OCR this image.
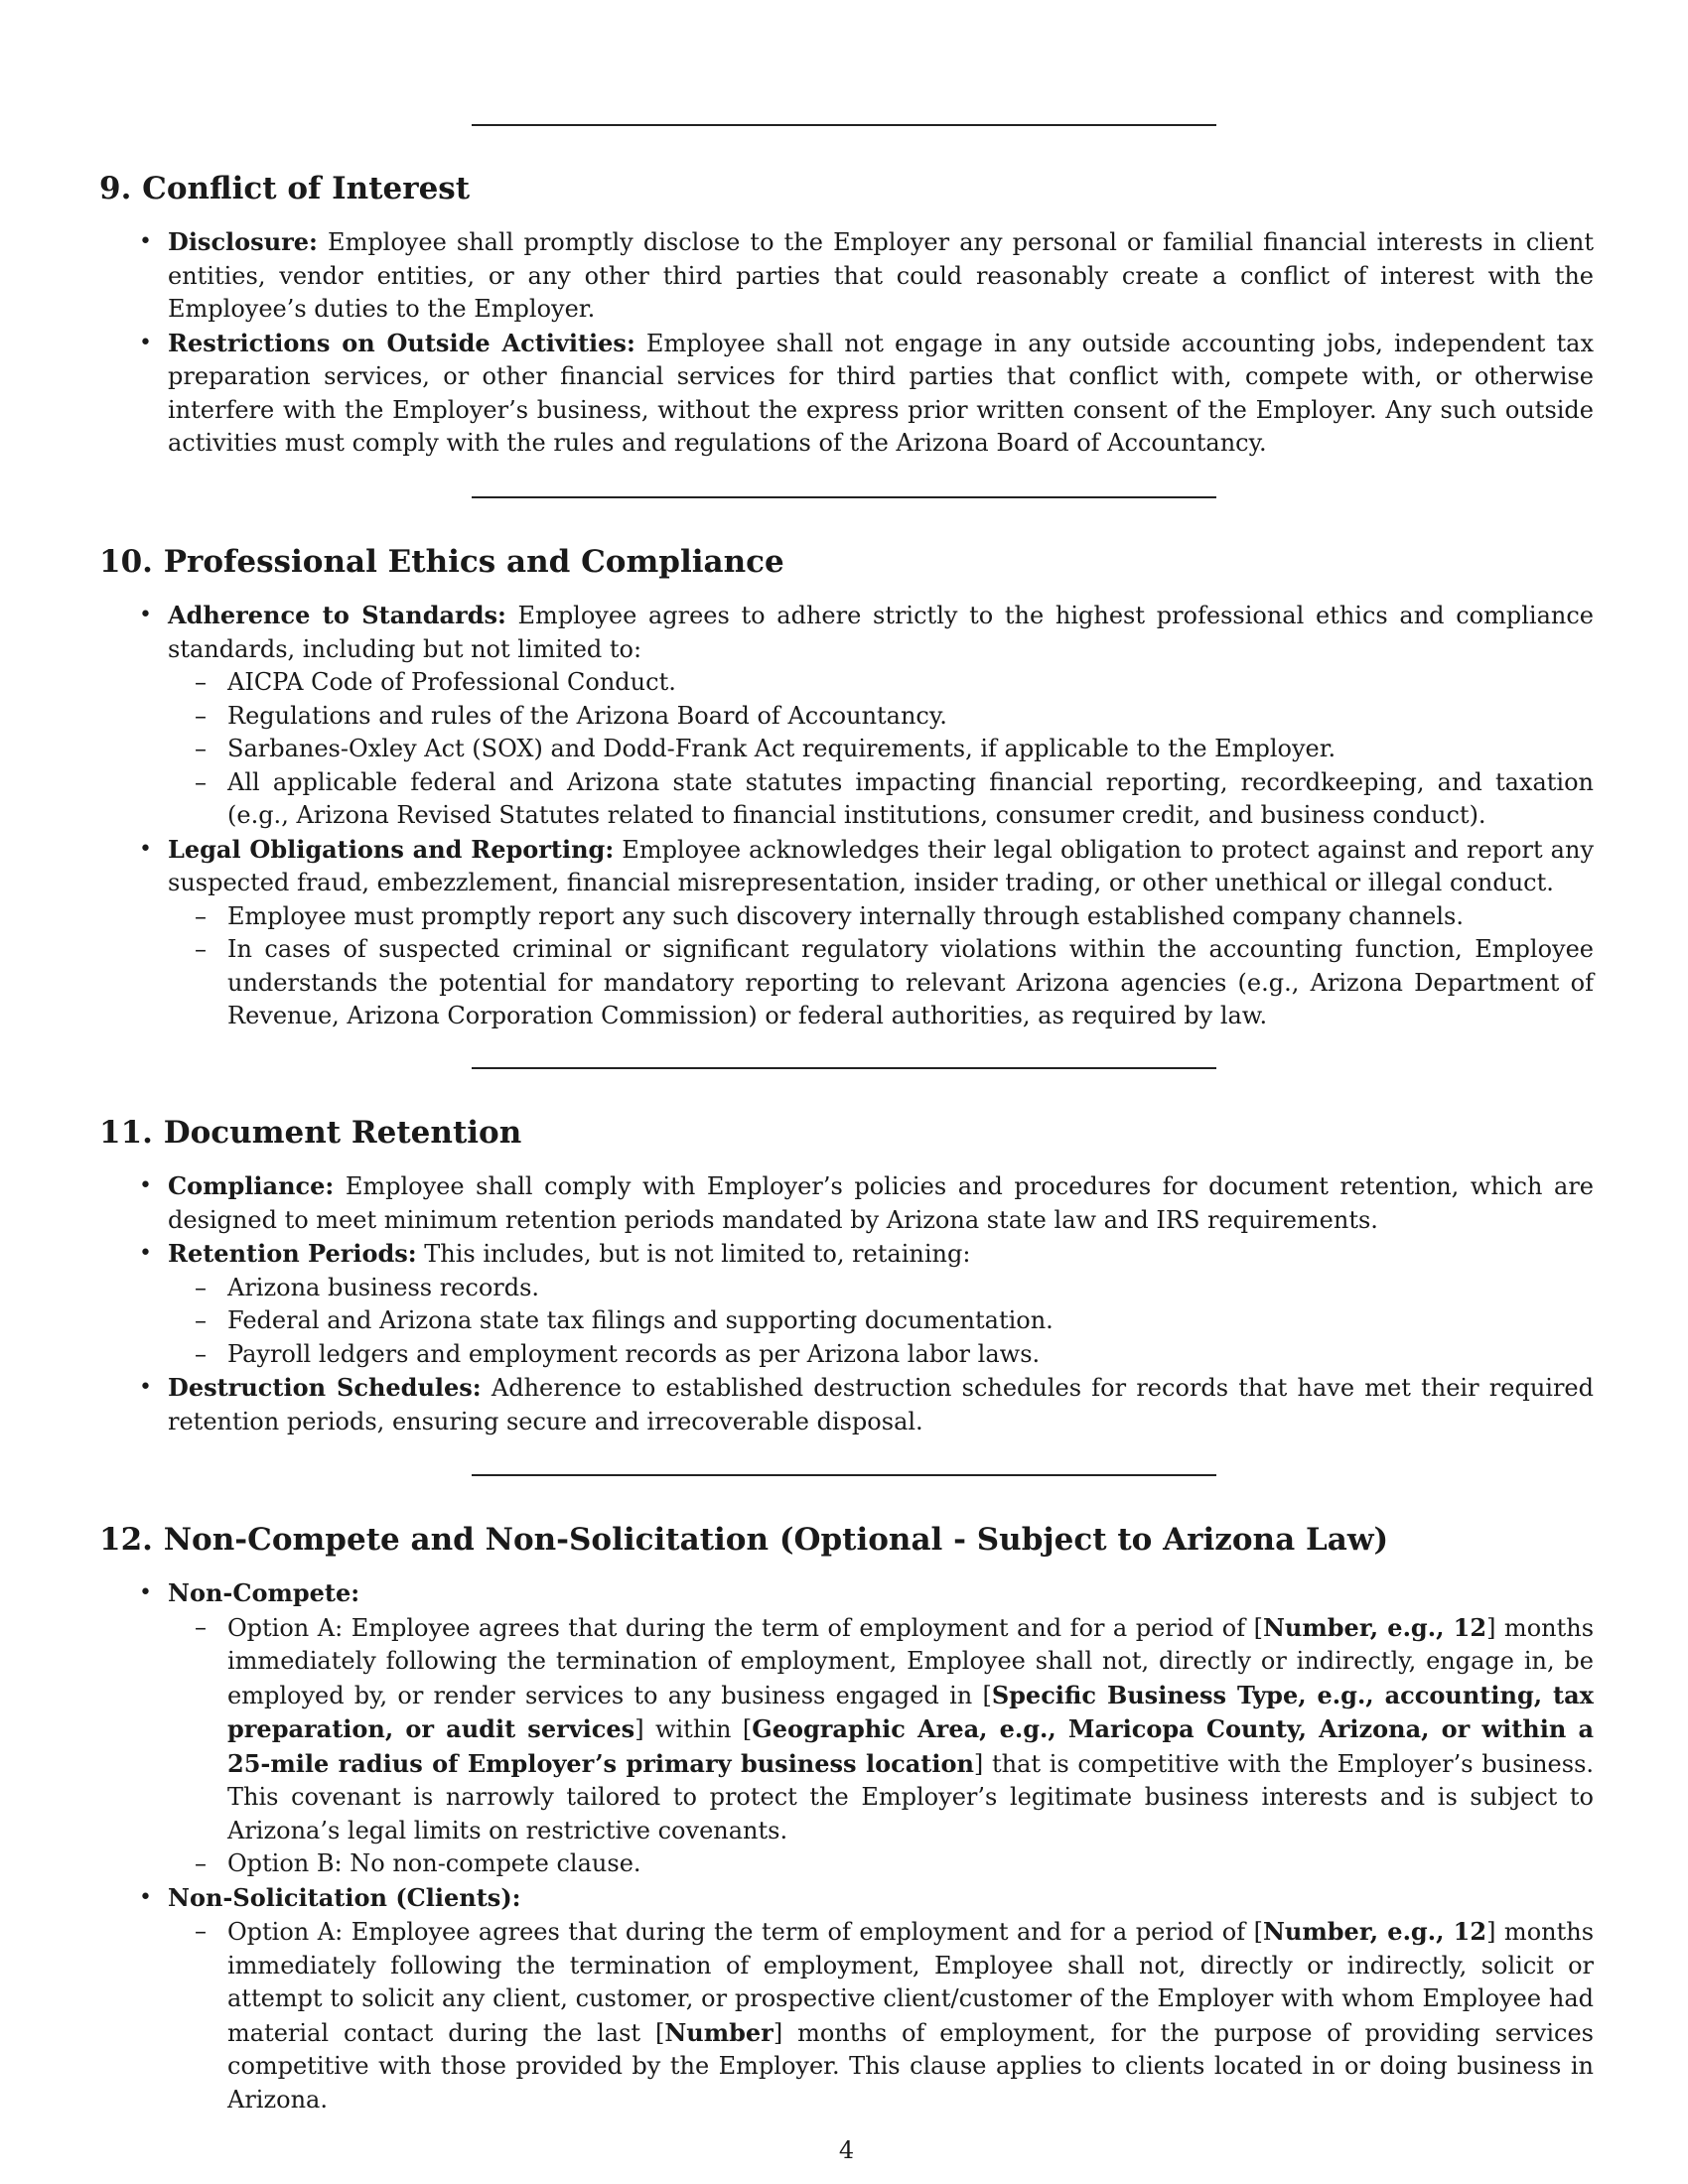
9. Conflict of Interest

• Disclosure: Employee shall promptly disclose to the Employer any personal or familial financial interests in client entities, vendor entities, or any other third parties that could reasonably create a conflict of interest with the Employee’s duties to the Employer.

• Restrictions on Outside Activities: Employee shall not engage in any outside accounting jobs, independent tax preparation services, or other financial services for third parties that conflict with, compete with, or otherwise interfere with the Employer’s business, without the express prior written consent of the Employer. Any such outside activities must comply with the rules and regulations of the Arizona Board of Accountancy.

10. Professional Ethics and Compliance

• Adherence to Standards: Employee agrees to adhere strictly to the highest professional ethics and compliance standards, including but not limited to:

– AICPA Code of Professional Conduct.

– Regulations and rules of the Arizona Board of Accountancy.

– Sarbanes-Oxley Act (SOX) and Dodd-Frank Act requirements, if applicable to the Employer.

– All applicable federal and Arizona state statutes impacting financial reporting, recordkeeping, and taxation (e.g., Arizona Revised Statutes related to financial institutions, consumer credit, and business conduct).

• Legal Obligations and Reporting: Employee acknowledges their legal obligation to protect against and report any suspected fraud, embezzlement, financial misrepresentation, insider trading, or other unethical or illegal conduct.

– Employee must promptly report any such discovery internally through established company channels.

– In cases of suspected criminal or significant regulatory violations within the accounting function, Employee understands the potential for mandatory reporting to relevant Arizona agencies (e.g., Arizona Department of Revenue, Arizona Corporation Commission) or federal authorities, as required by law.

11. Document Retention

• Compliance: Employee shall comply with Employer’s policies and procedures for document retention, which are designed to meet minimum retention periods mandated by Arizona state law and IRS requirements.

• Retention Periods: This includes, but is not limited to, retaining:

– Arizona business records.

– Federal and Arizona state tax filings and supporting documentation.

– Payroll ledgers and employment records as per Arizona labor laws.

• Destruction Schedules: Adherence to established destruction schedules for records that have met their required retention periods, ensuring secure and irrecoverable disposal.

12. Non-Compete and Non-Solicitation (Optional - Subject to Arizona Law)

• Non-Compete:

– Option A: Employee agrees that during the term of employment and for a period of [Number, e.g., 12] months immediately following the termination of employment, Employee shall not, directly or indirectly, engage in, be employed by, or render services to any business engaged in [Specific Business Type, e.g., accounting, tax preparation, or audit services] within [Geographic Area, e.g., Maricopa County, Arizona, or within a 25-mile radius of Employer’s primary business location] that is competitive with the Employer’s business. This covenant is narrowly tailored to protect the Employer’s legitimate business interests and is subject to Arizona’s legal limits on restrictive covenants.

– Option B: No non-compete clause.

• Non-Solicitation (Clients):

– Option A: Employee agrees that during the term of employment and for a period of [Number, e.g., 12] months immediately following the termination of employment, Employee shall not, directly or indirectly, solicit or attempt to solicit any client, customer, or prospective client/customer of the Employer with whom Employee had material contact during the last [Number] months of employment, for the purpose of providing services competitive with those provided by the Employer. This clause applies to clients located in or doing business in Arizona.

4
